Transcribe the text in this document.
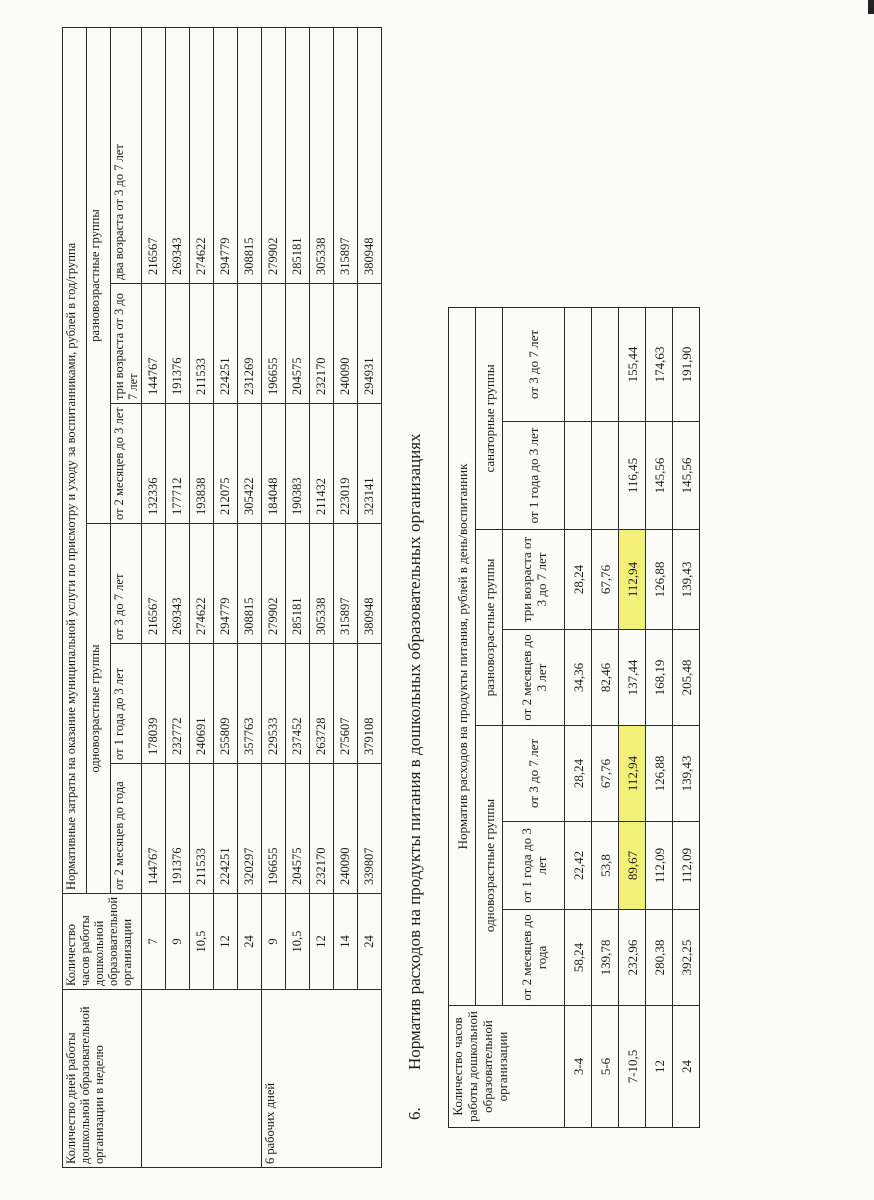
Количество дней работы дошкольной образовательной организации в неделю	Количество часов работы дошкольной образовательной организации	Нормативные затраты на оказание муниципальной услуги по присмотру и уходу за воспитанниками, рублей в год/группа					
		одновозрастные группы			разновозрастные группы		
		от 2 месяцев до года	от 1 года до 3 лет	от 3 до 7 лет	от 2 месяцев до 3 лет	три возраста от 3 до 7 лет	два возраста от 3 до 7 лет
	7	144767	178039	216567	132336	144767	216567
	9	191376	232772	269343	177712	191376	269343
	10,5	211533	240691	274622	193838	211533	274622
	12	224251	255809	294779	212075	224251	294779
	24	320297	357763	308815	305422	231269	308815
6 рабочих дней	9	196655	229533	279902	184048	196655	279902
	10,5	204575	237452	285181	190383	204575	285181
	12	232170	263728	305338	211432	232170	305338
	14	240090	275607	315897	223019	240090	315897
	24	339807	379108	380948	323141	294931	380948
6.Норматив расходов на продукты питания в дошкольных образовательных организациях Количество часов работы дошкольной образовательной организации	Норматив расходов на продукты питания, рублей в день/воспитанник						
	одновозрастные группы			разновозрастные группы		санаторные группы	
	от 2 месяцев до года	от 1 года до 3 лет	от 3 до 7 лет	от 2 месяцев до 3 лет	три возраста от 3 до 7 лет	от 1 года до 3 лет	от 3 до 7 лет
3-4	58,24	22,42	28,24	34,36	28,24		
5-6	139,78	53,8	67,76	82,46	67,76		
7-10,5	232,96	89,67	112,94	137,44	112,94	116,45	155,44
12	280,38	112,09	126,88	168,19	126,88	145,56	174,63
24	392,25	112,09	139,43	205,48	139,43	145,56	191,90
